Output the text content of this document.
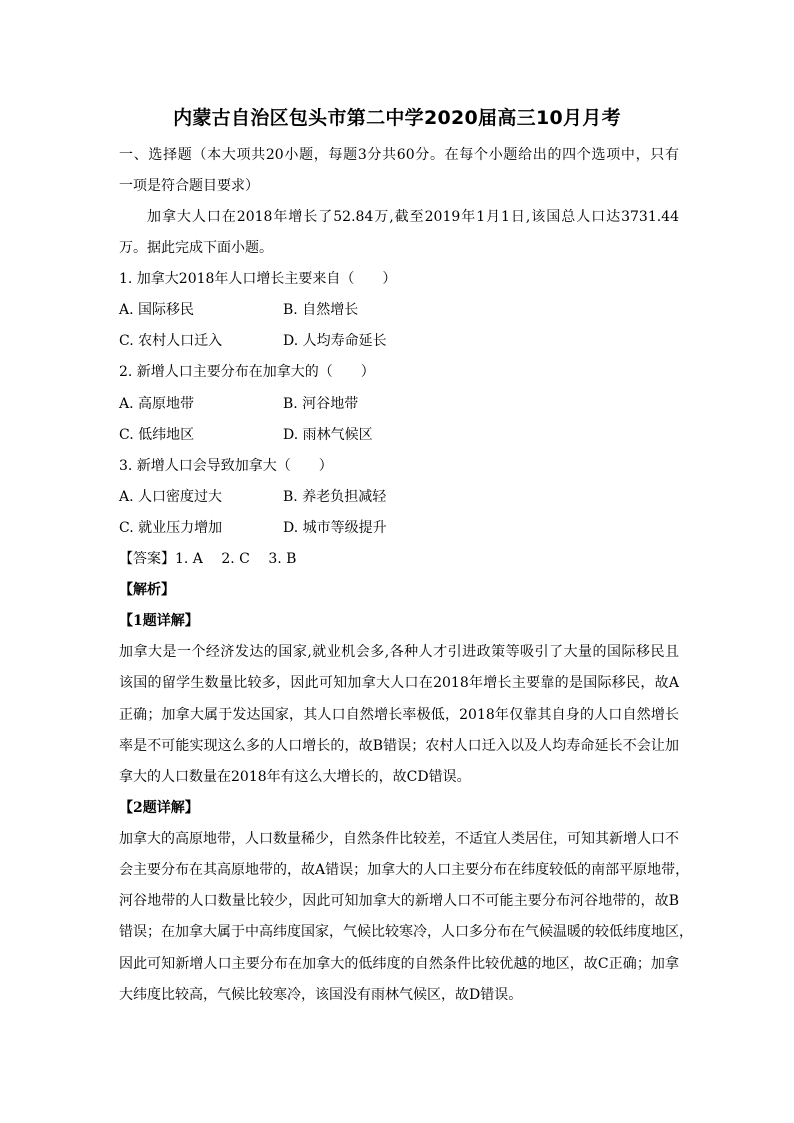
内蒙古自治区包头市第二中学2020届高三10月月考
一、选择题（本大项共20小题，每题3分共60分。在每个小题给出的四个选项中，只有
一项是符合题目要求）
加拿大人口在2018年增长了52.84万,截至2019年1月1日,该国总人口达3731.44
万。据此完成下面小题。
1. 加拿大2018年人口增长主要来自（　　）
A. 国际移民	B. 自然增长
C. 农村人口迁入	D. 人均寿命延长
2. 新增人口主要分布在加拿大的（　　）
A. 高原地带	B. 河谷地带
C. 低纬地区	D. 雨林气候区
3. 新增人口会导致加拿大（　　）
A. 人口密度过大	B. 养老负担减轻
C. 就业压力增加	D. 城市等级提升
【答案】1. A　 2. C　 3. B
【解析】
【1题详解】
加拿大是一个经济发达的国家,就业机会多,各种人才引进政策等吸引了大量的国际移民且
该国的留学生数量比较多，因此可知加拿大人口在2018年增长主要靠的是国际移民，故A
正确；加拿大属于发达国家，其人口自然增长率极低，2018年仅靠其自身的人口自然增长
率是不可能实现这么多的人口增长的，故B错误；农村人口迁入以及人均寿命延长不会让加
拿大的人口数量在2018年有这么大增长的，故CD错误。
【2题详解】
加拿大的高原地带，人口数量稀少，自然条件比较差，不适宜人类居住，可知其新增人口不
会主要分布在其高原地带的，故A错误；加拿大的人口主要分布在纬度较低的南部平原地带，
河谷地带的人口数量比较少，因此可知加拿大的新增人口不可能主要分布河谷地带的，故B
错误；在加拿大属于中高纬度国家，气候比较寒冷，人口多分布在气候温暖的较低纬度地区，
因此可知新增人口主要分布在加拿大的低纬度的自然条件比较优越的地区，故C正确；加拿
大纬度比较高，气候比较寒冷，该国没有雨林气候区，故D错误。
